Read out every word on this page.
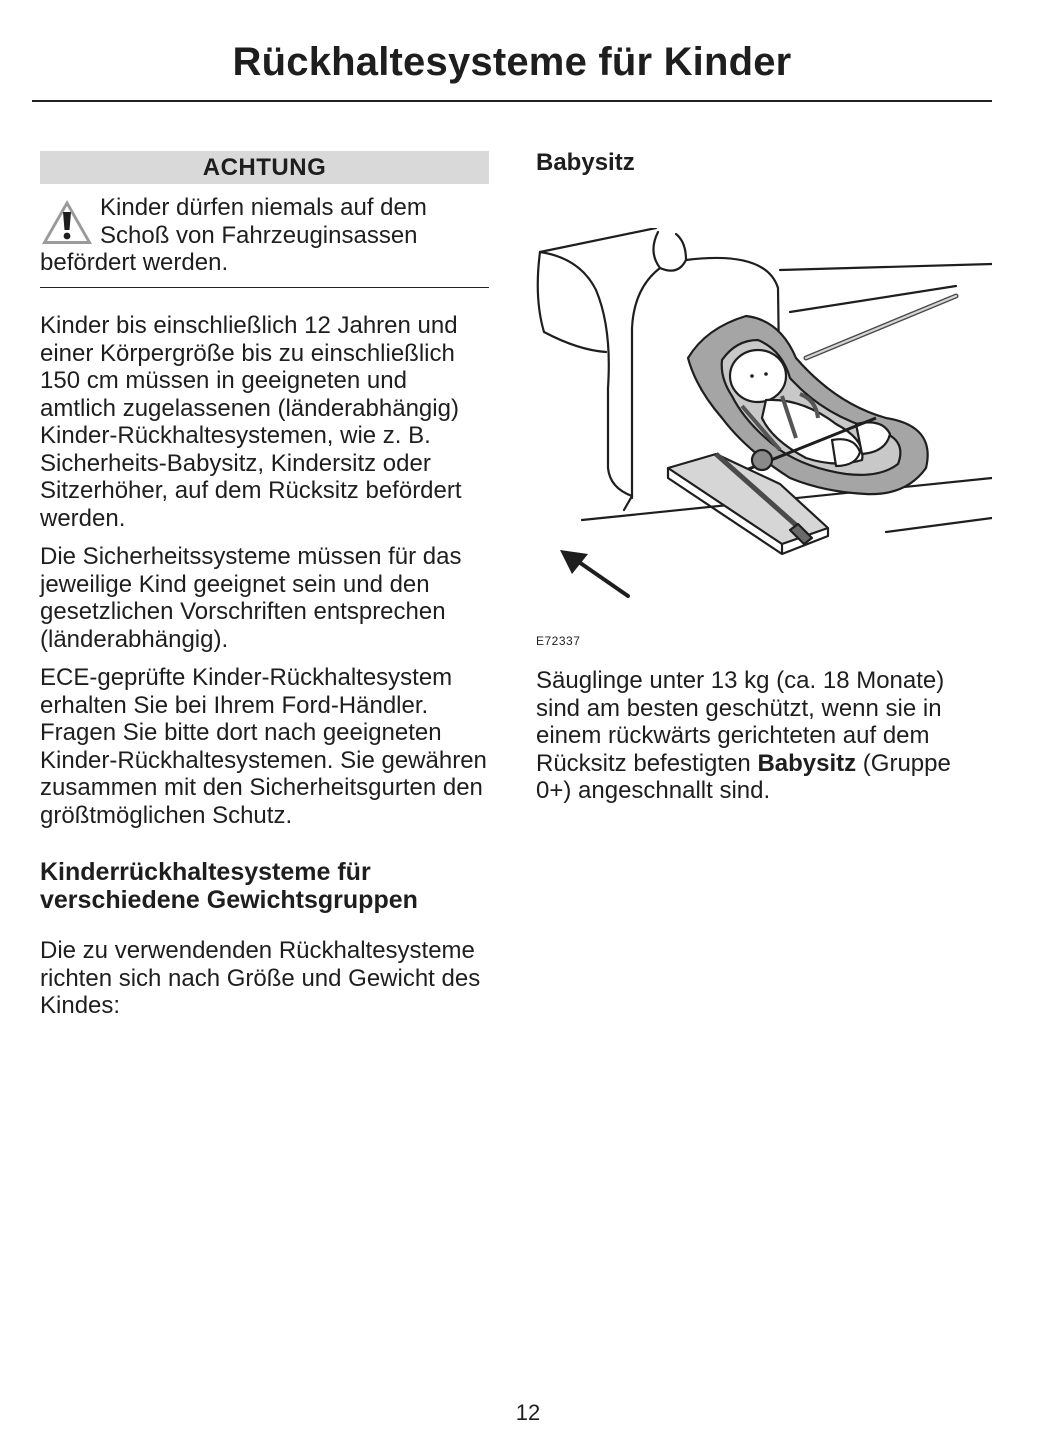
Rückhaltesysteme für Kinder
ACHTUNG
Kinder dürfen niemals auf dem Schoß von Fahrzeuginsassen befördert werden.

Kinder bis einschließlich 12 Jahren und einer Körpergröße bis zu einschließlich 150 cm müssen in geeigneten und amtlich zugelassenen (länderabhängig) Kinder-Rückhaltesystemen, wie z. B. Sicherheits-Babysitz, Kindersitz oder Sitzerhöher, auf dem Rücksitz befördert werden.

Die Sicherheitssysteme müssen für das jeweilige Kind geeignet sein und den gesetzlichen Vorschriften entsprechen (länderabhängig).

ECE-geprüfte Kinder-Rückhaltesystem erhalten Sie bei Ihrem Ford-Händler. Fragen Sie bitte dort nach geeigneten Kinder-Rückhaltesystemen. Sie gewähren zusammen mit den Sicherheitsgurten den größtmöglichen Schutz.

Kinderrückhaltesysteme für verschiedene Gewichtsgruppen

Die zu verwendenden Rückhaltesysteme richten sich nach Größe und Gewicht des Kindes:

Babysitz
E72337

Säuglinge unter 13 kg (ca. 18 Monate) sind am besten geschützt, wenn sie in einem rückwärts gerichteten auf dem Rücksitz befestigten Babysitz (Gruppe 0+) angeschnallt sind.

12
